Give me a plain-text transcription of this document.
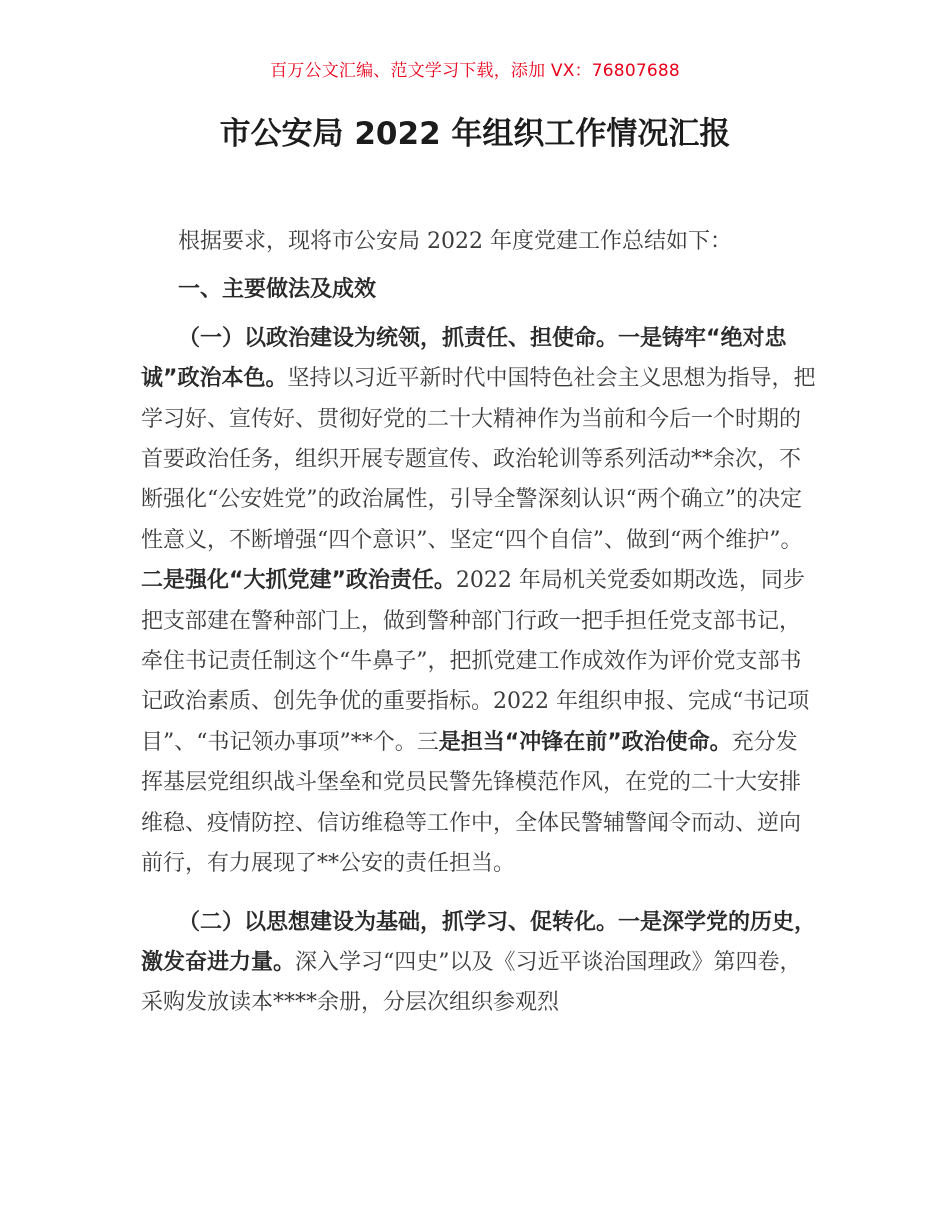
百万公文汇编、范文学习下载，添加 VX：76807688
市公安局 2022 年组织工作情况汇报

根据要求，现将市公安局 2022 年度党建工作总结如下：

一、主要做法及成效

（一）以政治建设为统领，抓责任、担使命。一是铸牢“绝对忠诚”政治本色。坚持以习近平新时代中国特色社会主义思想为指导，把学习好、宣传好、贯彻好党的二十大精神作为当前和今后一个时期的首要政治任务，组织开展专题宣传、政治轮训等系列活动**余次，不断强化“公安姓党”的政治属性，引导全警深刻认识“两个确立”的决定性意义，不断增强“四个意识”、坚定“四个自信”、做到“两个维护”。二是强化“大抓党建”政治责任。2022 年局机关党委如期改选，同步把支部建在警种部门上，做到警种部门行政一把手担任党支部书记，牵住书记责任制这个“牛鼻子”，把抓党建工作成效作为评价党支部书记政治素质、创先争优的重要指标。2022 年组织申报、完成“书记项目”、“书记领办事项”**个。三是担当“冲锋在前”政治使命。充分发挥基层党组织战斗堡垒和党员民警先锋模范作风，在党的二十大安排维稳、疫情防控、信访维稳等工作中，全体民警辅警闻令而动、逆向前行，有力展现了**公安的责任担当。

（二）以思想建设为基础，抓学习、促转化。一是深学党的历史，激发奋进力量。深入学习“四史”以及《习近平谈治国理政》第四卷，采购发放读本****余册，分层次组织参观烈
